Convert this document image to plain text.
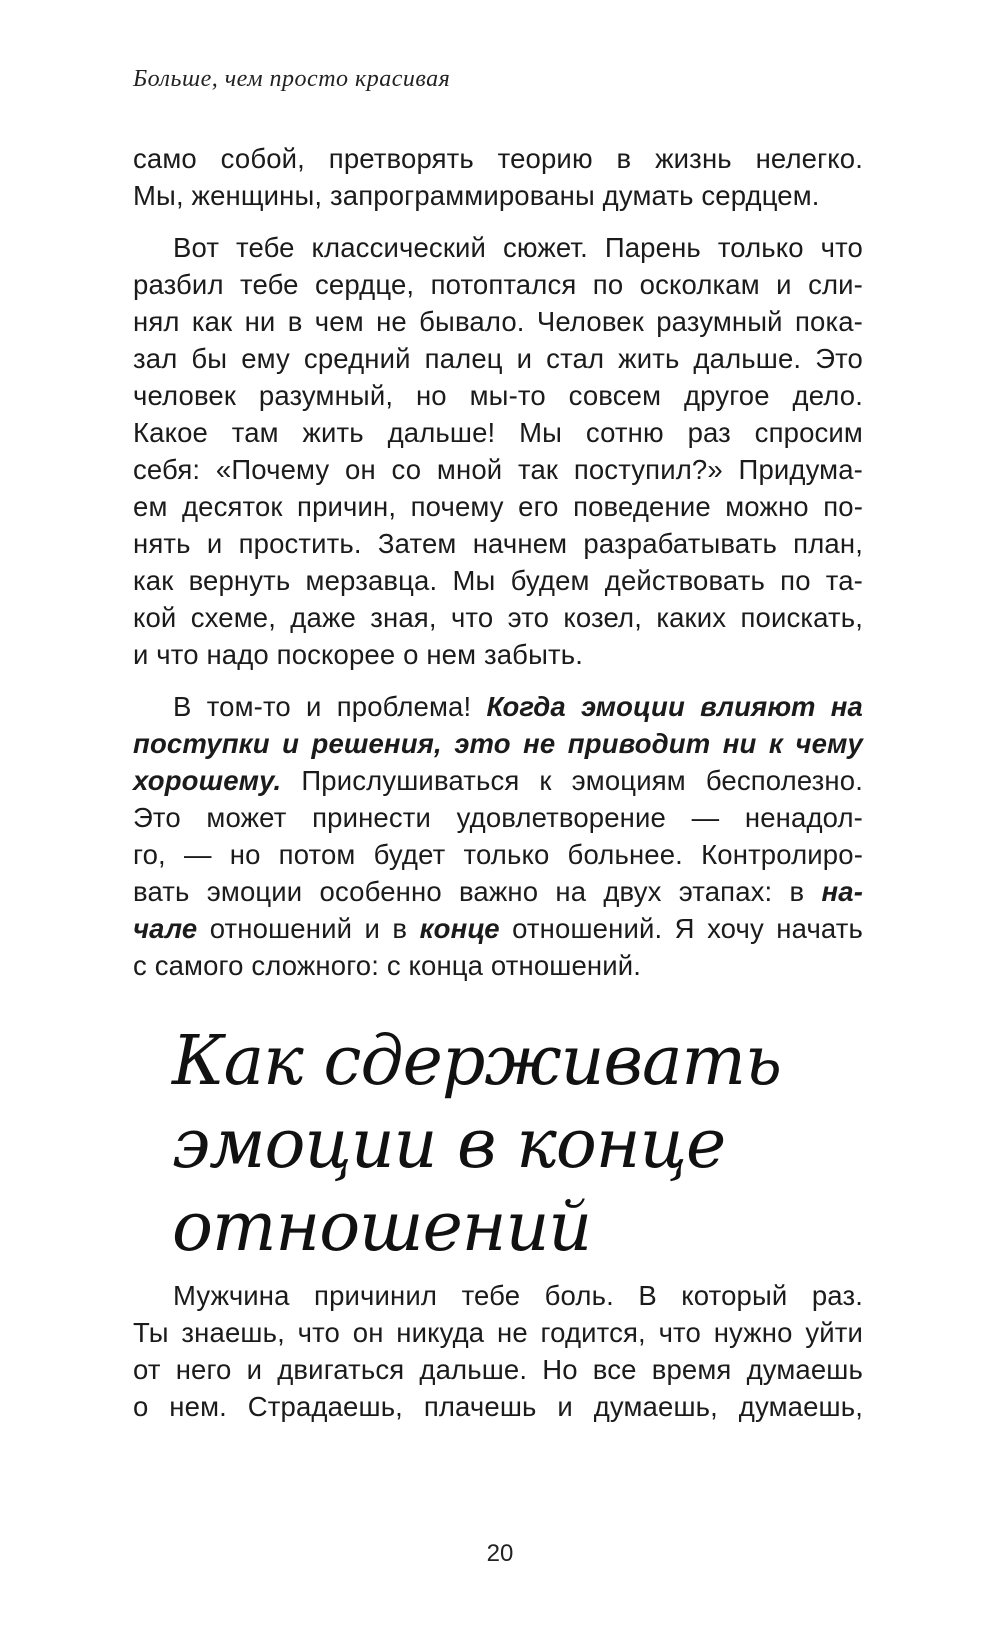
Больше, чем просто красивая
само собой, претворять теорию в жизнь нелегко.
Мы, женщины, запрограммированы думать сердцем.
Вот тебе классический сюжет. Парень только что
разбил тебе сердце, потоптался по осколкам и сли-
нял как ни в чем не бывало. Человек разумный пока-
зал бы ему средний палец и стал жить дальше. Это
человек разумный, но мы-то совсем другое дело.
Какое там жить дальше! Мы сотню раз спросим
себя: «Почему он со мной так поступил?» Придума-
ем десяток причин, почему его поведение можно по-
нять и простить. Затем начнем разрабатывать план,
как вернуть мерзавца. Мы будем действовать по та-
кой схеме, даже зная, что это козел, каких поискать,
и что надо поскорее о нем забыть.
В том-то и проблема! Когда эмоции влияют на
поступки и решения, это не приводит ни к чему
хорошему. Прислушиваться к эмоциям бесполезно.
Это может принести удовлетворение — ненадол-
го, — но потом будет только больнее. Контролиро-
вать эмоции особенно важно на двух этапах: в на-
чале отношений и в конце отношений. Я хочу начать
с самого сложного: с конца отношений.
Как сдерживать
эмоции в конце
отношений
Мужчина причинил тебе боль. В который раз.
Ты знаешь, что он никуда не годится, что нужно уйти
от него и двигаться дальше. Но все время думаешь
о нем. Страдаешь, плачешь и думаешь, думаешь,
20
